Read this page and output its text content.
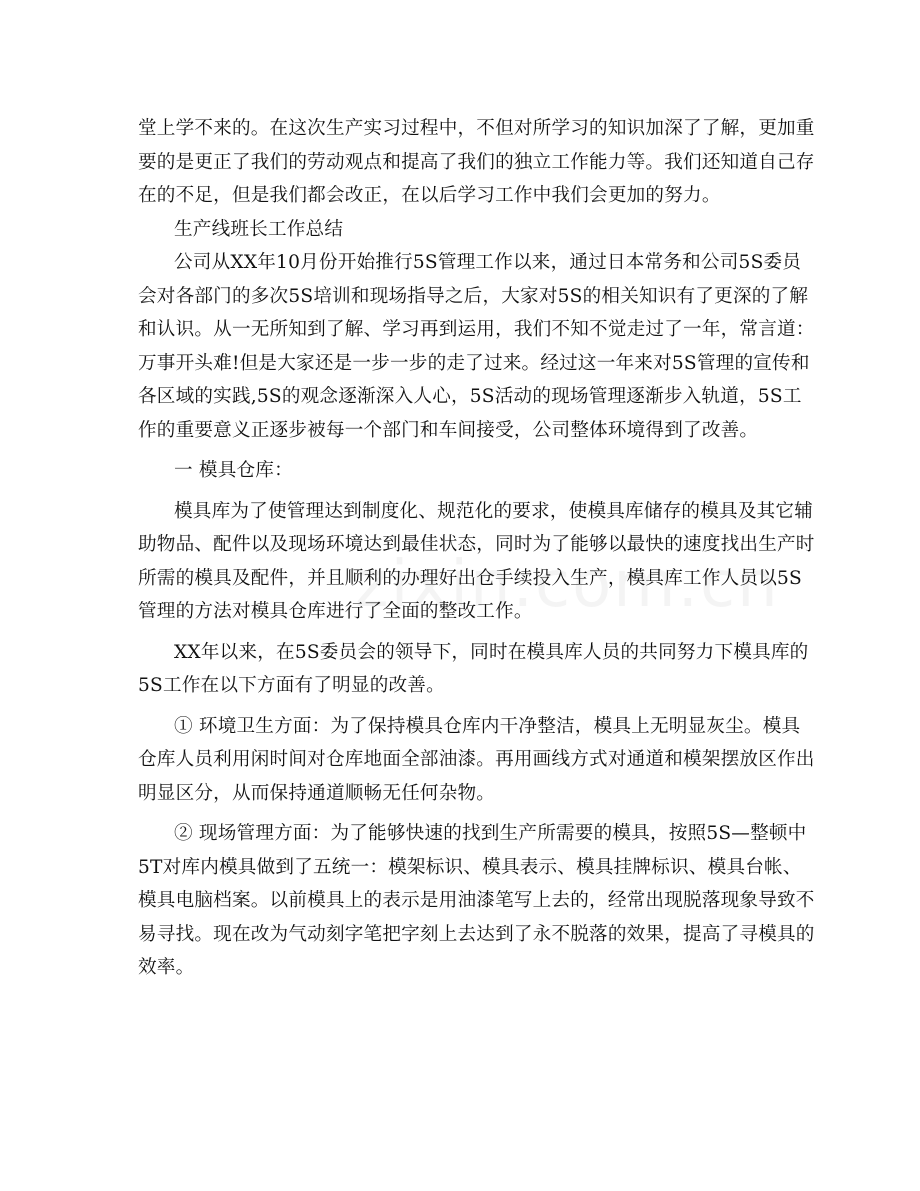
堂上学不来的。在这次生产实习过程中，不但对所学习的知识加深了了解，更加重
要的是更正了我们的劳动观点和提高了我们的独立工作能力等。我们还知道自己存
在的不足，但是我们都会改正，在以后学习工作中我们会更加的努力。
生产线班长工作总结
公司从XX年10月份开始推行5S管理工作以来，通过日本常务和公司5S委员
会对各部门的多次5S培训和现场指导之后，大家对5S的相关知识有了更深的了解
和认识。从一无所知到了解、学习再到运用，我们不知不觉走过了一年，常言道：
万事开头难!但是大家还是一步一步的走了过来。经过这一年来对5S管理的宣传和
各区域的实践,5S的观念逐渐深入人心，5S活动的现场管理逐渐步入轨道，5S工
作的重要意义正逐步被每一个部门和车间接受，公司整体环境得到了改善。
一 模具仓库：
模具库为了使管理达到制度化、规范化的要求，使模具库储存的模具及其它辅
助物品、配件以及现场环境达到最佳状态，同时为了能够以最快的速度找出生产时
所需的模具及配件，并且顺利的办理好出仓手续投入生产，模具库工作人员以5S
管理的方法对模具仓库进行了全面的整改工作。
XX年以来，在5S委员会的领导下，同时在模具库人员的共同努力下模具库的
5S工作在以下方面有了明显的改善。
① 环境卫生方面：为了保持模具仓库内干净整洁，模具上无明显灰尘。模具
仓库人员利用闲时间对仓库地面全部油漆。再用画线方式对通道和模架摆放区作出
明显区分，从而保持通道顺畅无任何杂物。
② 现场管理方面：为了能够快速的找到生产所需要的模具，按照5S—整顿中
5T对库内模具做到了五统一：模架标识、模具表示、模具挂牌标识、模具台帐、
模具电脑档案。以前模具上的表示是用油漆笔写上去的，经常出现脱落现象导致不
易寻找。现在改为气动刻字笔把字刻上去达到了永不脱落的效果，提高了寻模具的
效率。
